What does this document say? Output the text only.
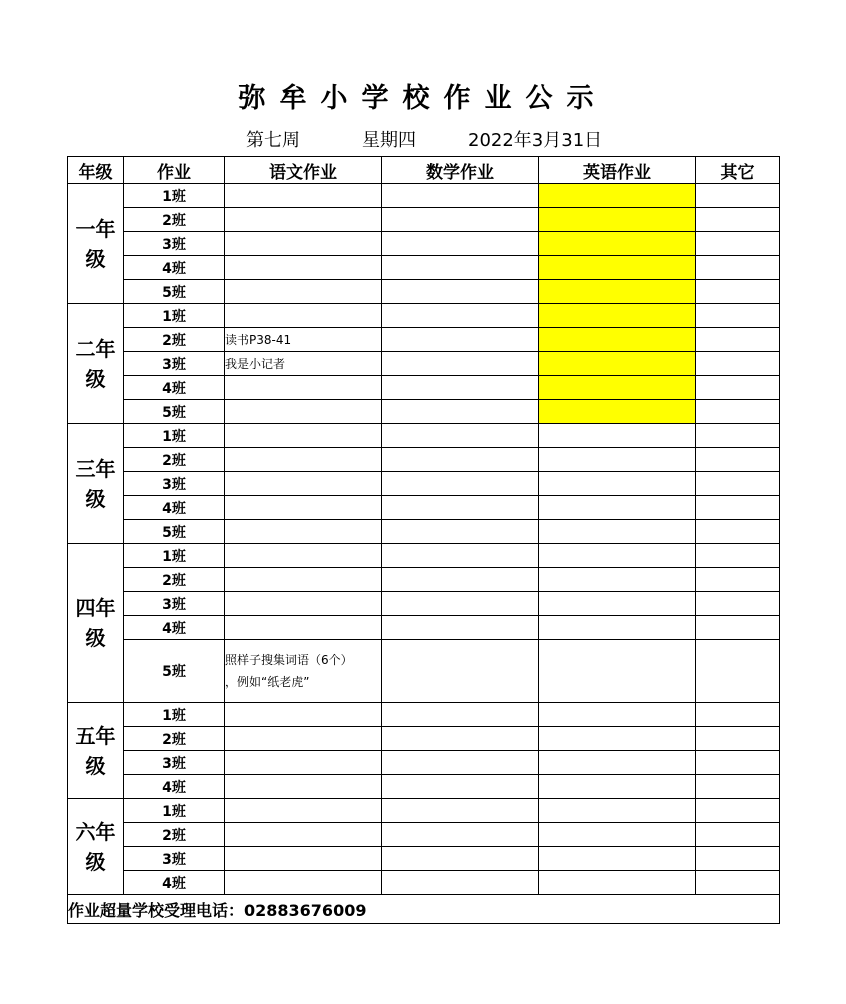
弥牟小学校作业公示
第七周	星期四	2022年3月31日
年级	作业	语文作业	数学作业	英语作业	其它

一年级	1班				
	2班				
	3班				
	4班				
	5班				

二年级	1班				
	2班	读书P38-41			
	3班	我是小记者			
	4班				
	5班				

三年级	1班				
	2班				
	3班				
	4班				
	5班				

四年级	1班				
	2班				
	3班				
	4班				
	5班	照样子搜集词语（6个）
，例如“纸老虎”			

五年级	1班				
	2班				
	3班				
	4班				

六年级	1班				
	2班				
	3班				
	4班				
作业超量学校受理电话：02883676009					
